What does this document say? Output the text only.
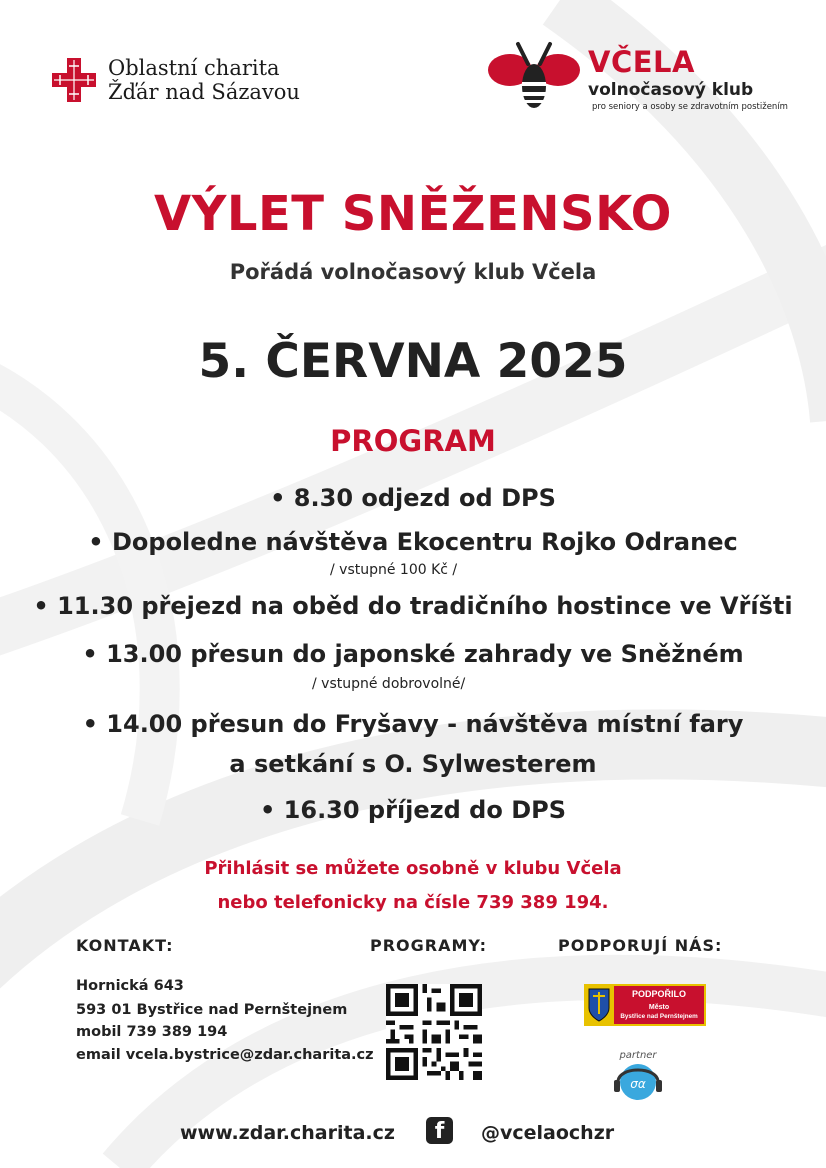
Oblastní charita
Žďár nad Sázavou
VČELA
volnočasový klub
pro seniory a osoby se zdravotním postižením
VÝLET SNĚŽENSKO
Pořádá volnočasový klub Včela
5. ČERVNA 2025
PROGRAM
• 8.30 odjezd od DPS
• Dopoledne návštěva Ekocentru Rojko Odranec
/ vstupné 100 Kč /
• 11.30 přejezd na oběd do tradičního hostince ve Vříšti
• 13.00 přesun do japonské zahrady ve Sněžném
/ vstupné dobrovolné/
• 14.00 přesun do Fryšavy - návštěva místní fary
a setkání s O. Sylwesterem
• 16.30 příjezd do DPS
Přihlásit se můžete osobně v klubu Včela
nebo telefonicky na čísle 739 389 194.
KONTAKT:	PROGRAMY:	PODPORUJÍ NÁS:
Hornická 643
593 01 Bystřice nad Pernštejnem
mobil 739 389 194
email vcela.bystrice@zdar.charita.cz
PODPOŘILO
Město
Bystřice nad Pernštejnem
partner
σα
www.zdar.charita.cz	f	@vcelaochzr
